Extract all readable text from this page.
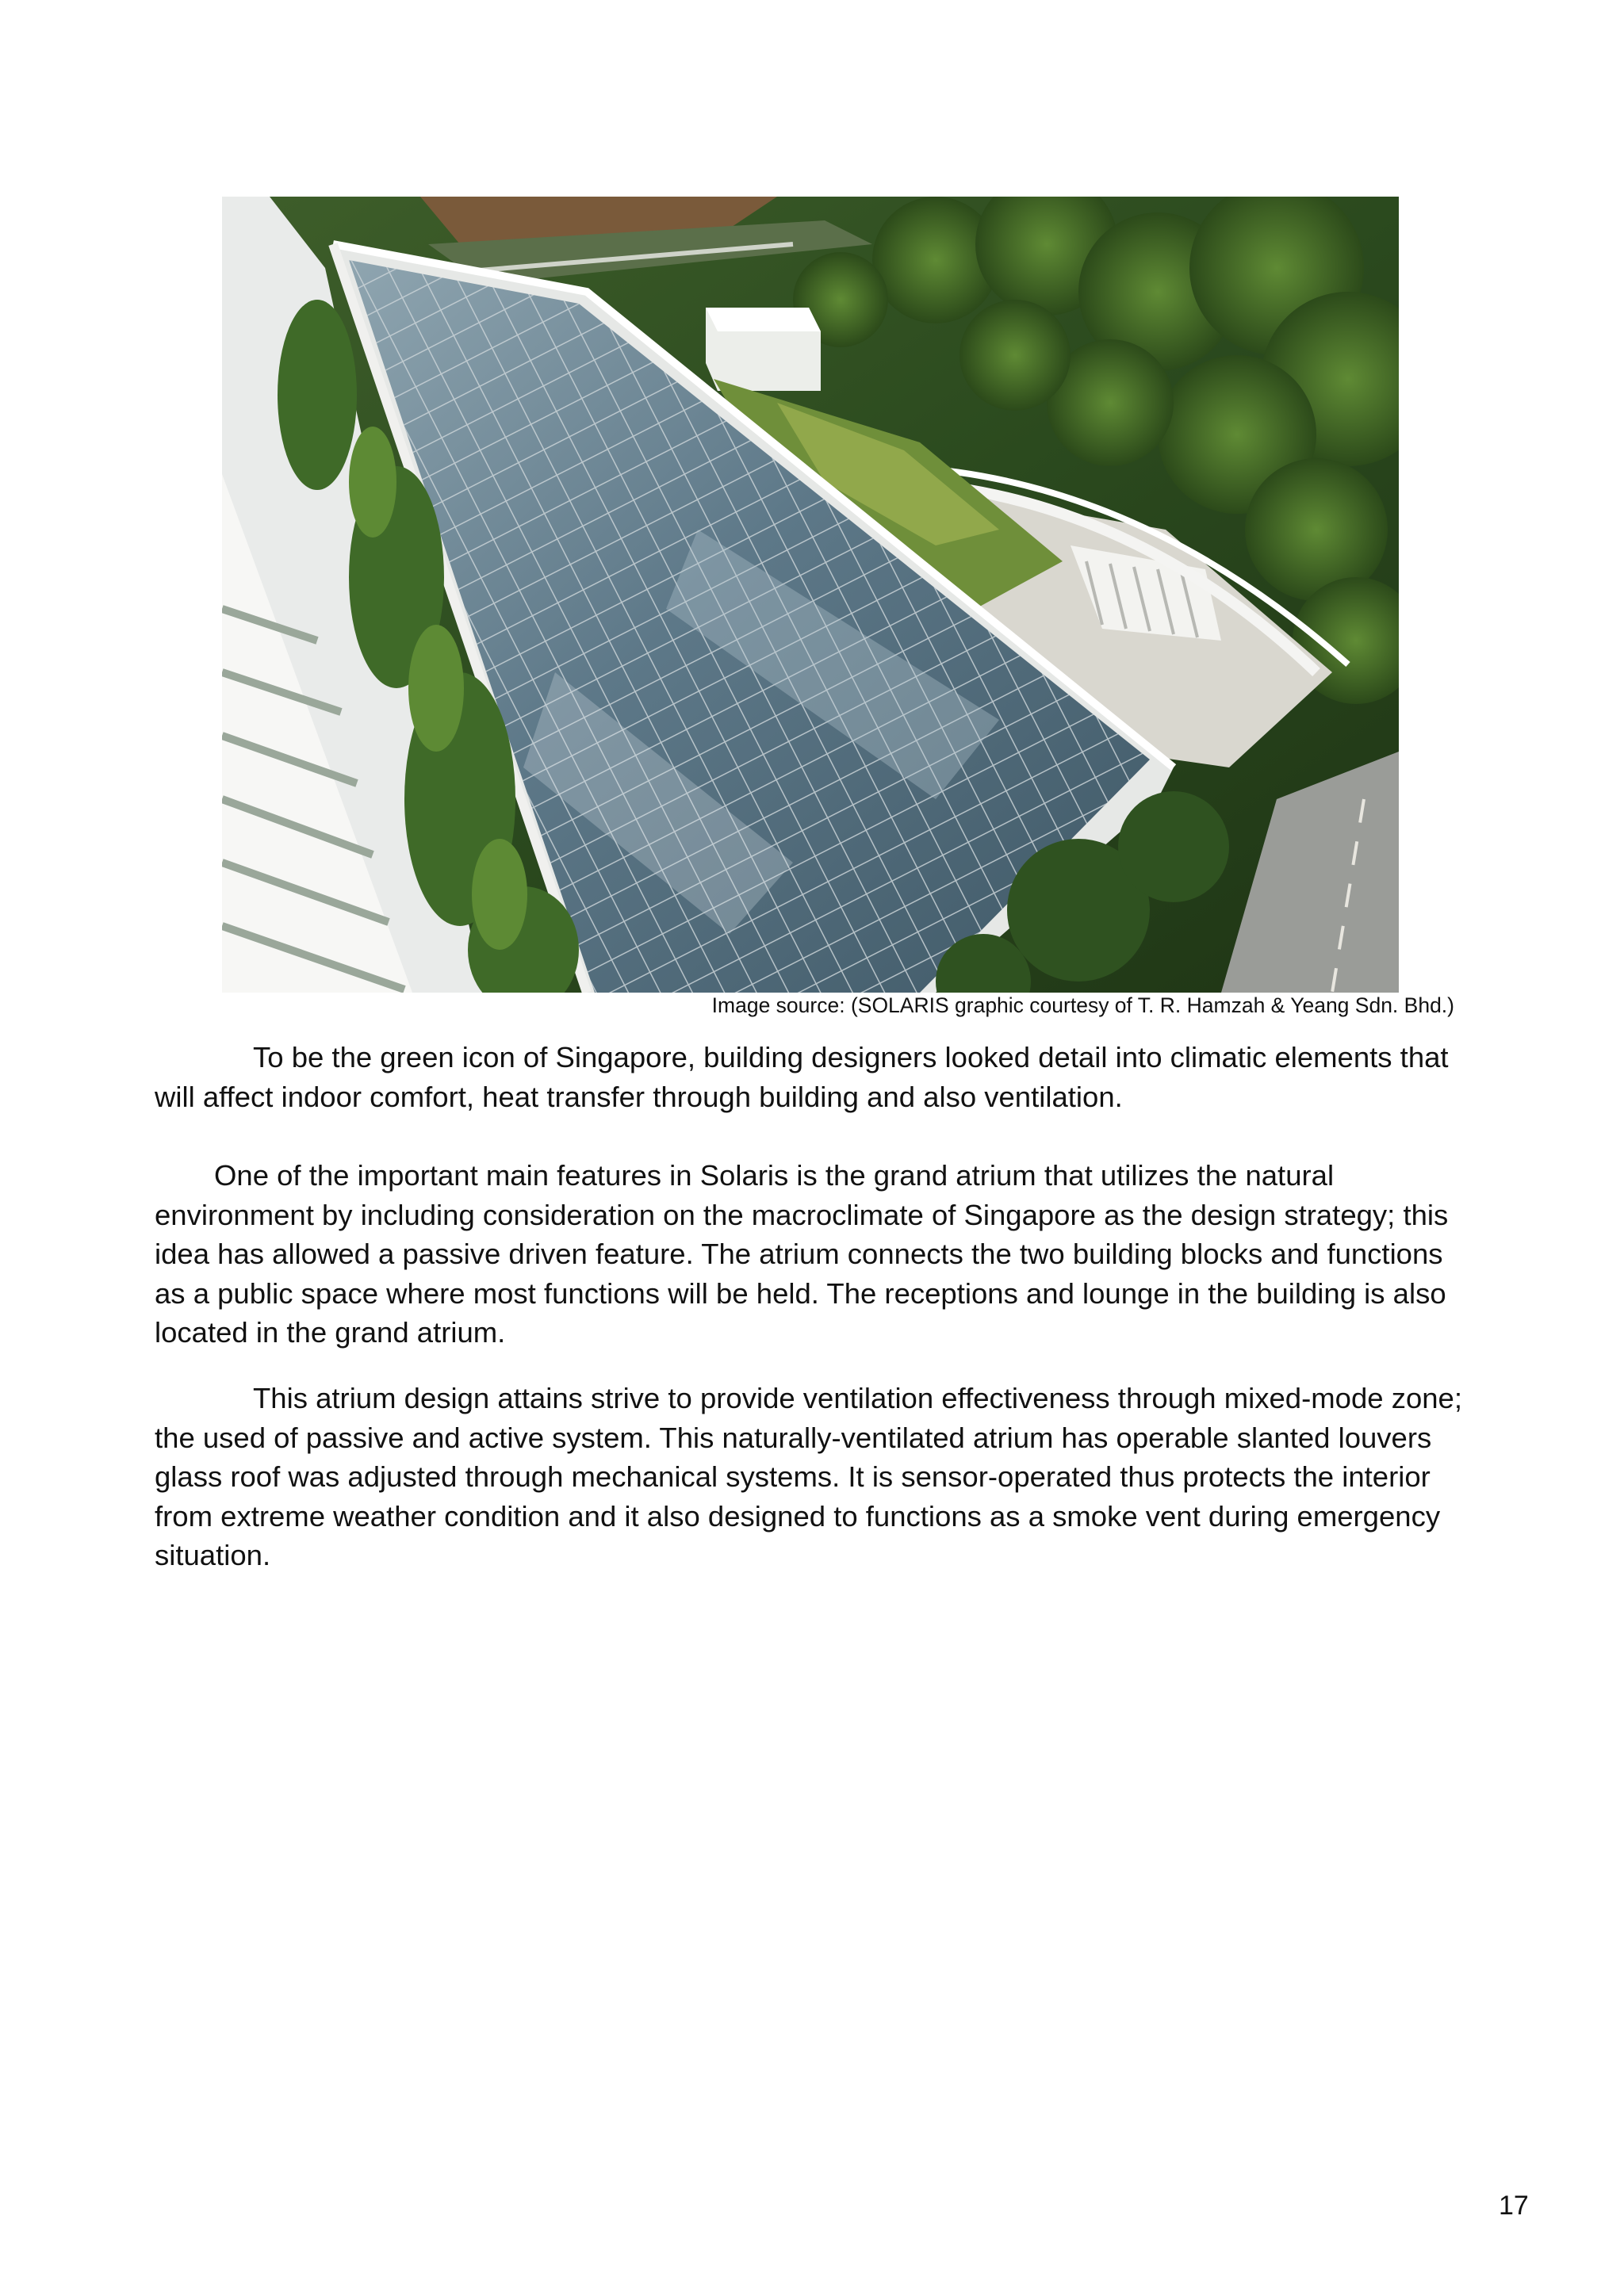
Image source: (SOLARIS graphic courtesy of T. R. Hamzah & Yeang Sdn. Bhd.)

To be the green icon of Singapore, building designers looked detail into climatic elements that will affect indoor comfort, heat transfer through building and also ventilation.

One of the important main features in Solaris is the grand atrium that utilizes the natural environment by including consideration on the macroclimate of Singapore as the design strategy; this idea has allowed a passive driven feature. The atrium connects the two building blocks and functions as a public space where most functions will be held. The receptions and lounge in the building is also located in the grand atrium.

This atrium design attains strive to provide ventilation effectiveness through mixed-mode zone; the used of passive and active system. This naturally-ventilated atrium has operable slanted louvers glass roof was adjusted through mechanical systems. It is sensor-operated thus protects the interior from extreme weather condition and it also designed to functions as a smoke vent during emergency situation.

17
